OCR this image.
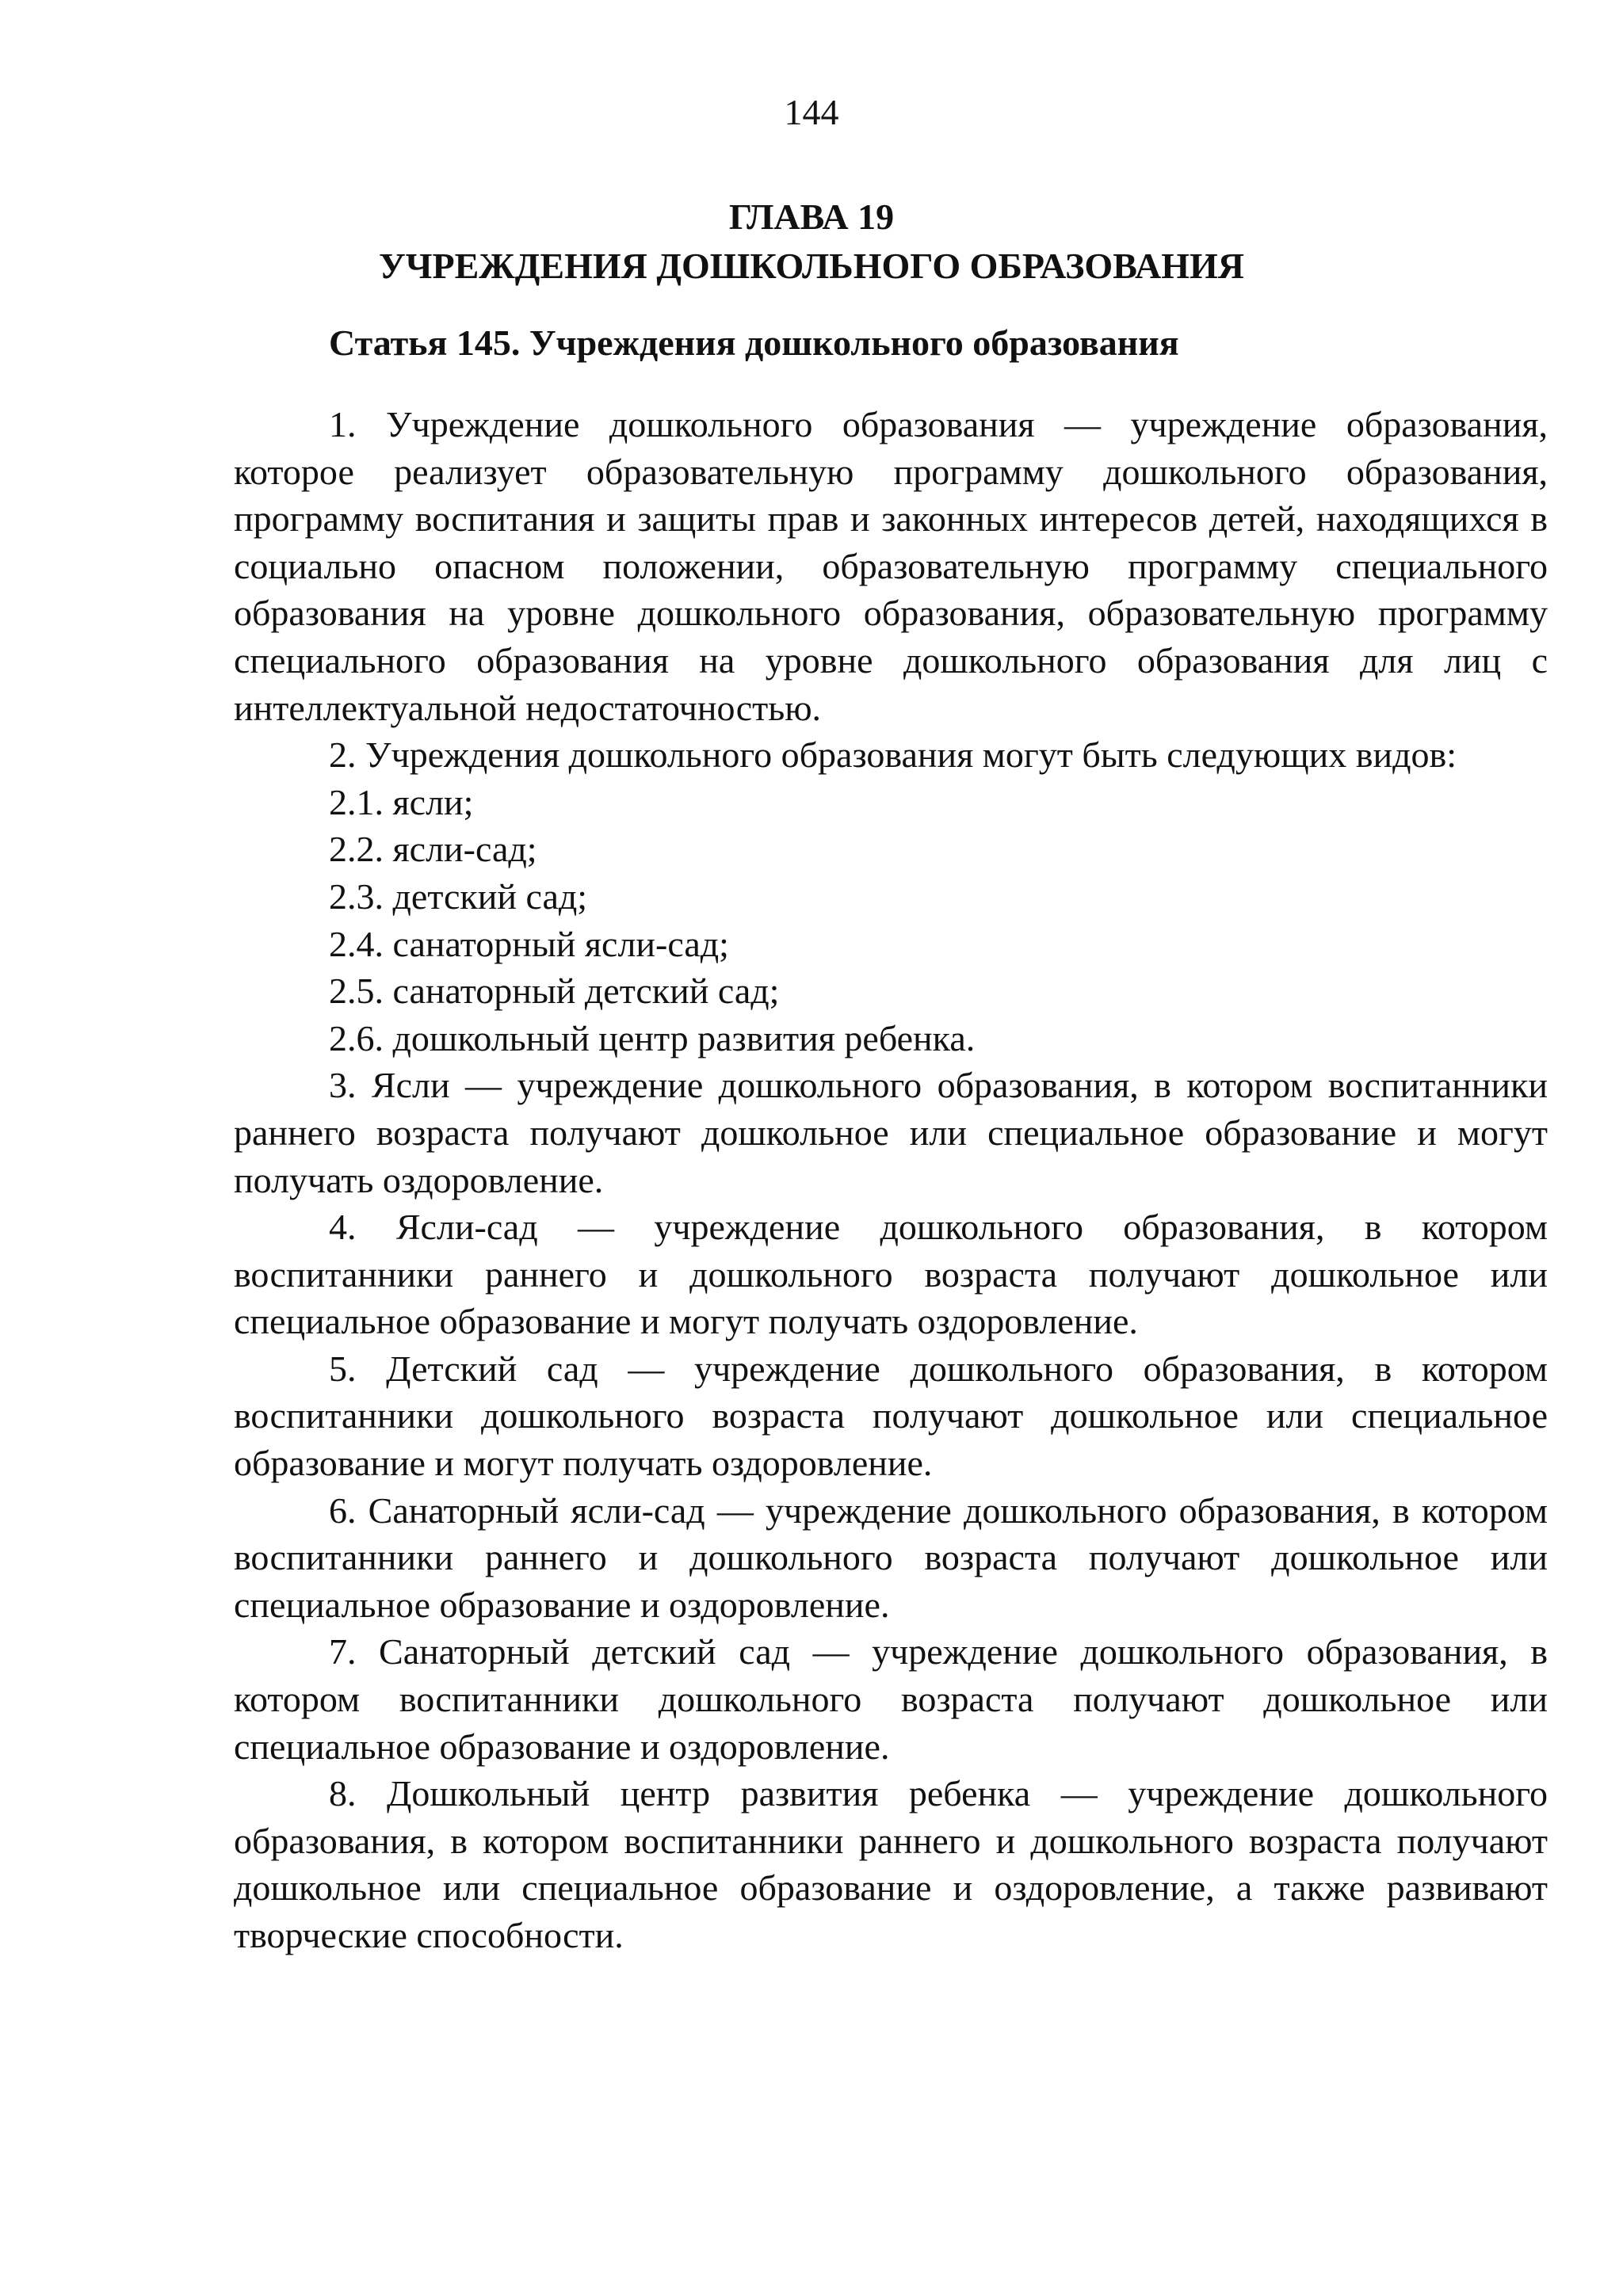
144
ГЛАВА 19
УЧРЕЖДЕНИЯ ДОШКОЛЬНОГО ОБРАЗОВАНИЯ
Статья 145. Учреждения дошкольного образования

1. Учреждение дошкольного образования — учреждение образования, которое реализует образовательную программу дошкольного образования, программу воспитания и защиты прав и законных интересов детей, находящихся в социально опасном положении, образовательную программу специального образования на уровне дошкольного образования, образовательную программу специального образования на уровне дошкольного образования для лиц с интеллектуальной недостаточностью.

2. Учреждения дошкольного образования могут быть следующих видов:

2.1. ясли;

2.2. ясли-сад;

2.3. детский сад;

2.4. санаторный ясли-сад;

2.5. санаторный детский сад;

2.6. дошкольный центр развития ребенка.

3. Ясли — учреждение дошкольного образования, в котором воспитанники раннего возраста получают дошкольное или специальное образование и могут получать оздоровление.

4. Ясли-сад — учреждение дошкольного образования, в котором воспитанники раннего и дошкольного возраста получают дошкольное или специальное образование и могут получать оздоровление.

5. Детский сад — учреждение дошкольного образования, в котором воспитанники дошкольного возраста получают дошкольное или специальное образование и могут получать оздоровление.

6. Санаторный ясли-сад — учреждение дошкольного образования, в котором воспитанники раннего и дошкольного возраста получают дошкольное или специальное образование и оздоровление.

7. Санаторный детский сад — учреждение дошкольного образования, в котором воспитанники дошкольного возраста получают дошкольное или специальное образование и оздоровление.

8. Дошкольный центр развития ребенка — учреждение дошкольного образования, в котором воспитанники раннего и дошкольного возраста получают дошкольное или специальное образование и оздоровление, а также развивают творческие способности.
